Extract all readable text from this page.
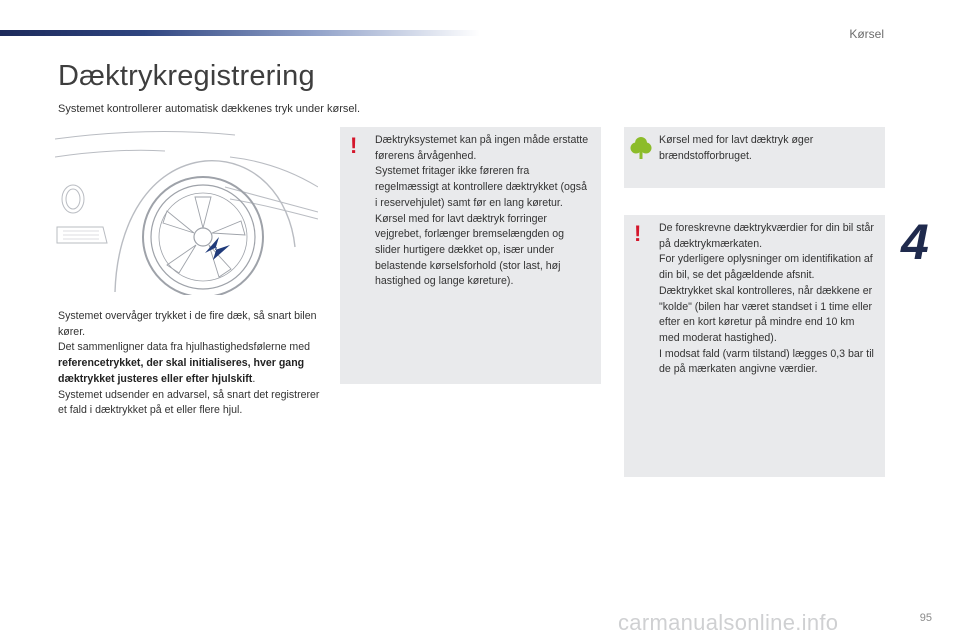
Kørsel
Dæktrykregistrering
Systemet kontrollerer automatisk dækkenes tryk under kørsel.

Systemet overvåger trykket i de fire dæk, så snart bilen kører.

Det sammenligner data fra hjulhastighedsfølerne med referencetrykket, der skal initialiseres, hver gang dæktrykket justeres eller efter hjulskift.

Systemet udsender en advarsel, så snart det registrerer et fald i dæktrykket på et eller flere hjul.

! Dæktryksystemet kan på ingen måde erstatte førerens årvågenhed.

Systemet fritager ikke føreren fra regelmæssigt at kontrollere dæktrykket (også i reservehjulet) samt før en lang køretur.

Kørsel med for lavt dæktryk forringer vejgrebet, forlænger bremselængden og slider hurtigere dækket op, især under belastende kørselsforhold (stor last, høj hastighed og lange køreture).

Kørsel med for lavt dæktryk øger brændstofforbruget.
! De foreskrevne dæktrykværdier for din bil står på dæktrykmærkaten.

For yderligere oplysninger om identifikation af din bil, se det pågældende afsnit.

Dæktrykket skal kontrolleres, når dækkene er "kolde" (bilen har været standset i 1 time eller efter en kort køretur på mindre end 10 km med moderat hastighed).

I modsat fald (varm tilstand) lægges 0,3 bar til de på mærkaten angivne værdier.

4
carmanualsonline.info	95
